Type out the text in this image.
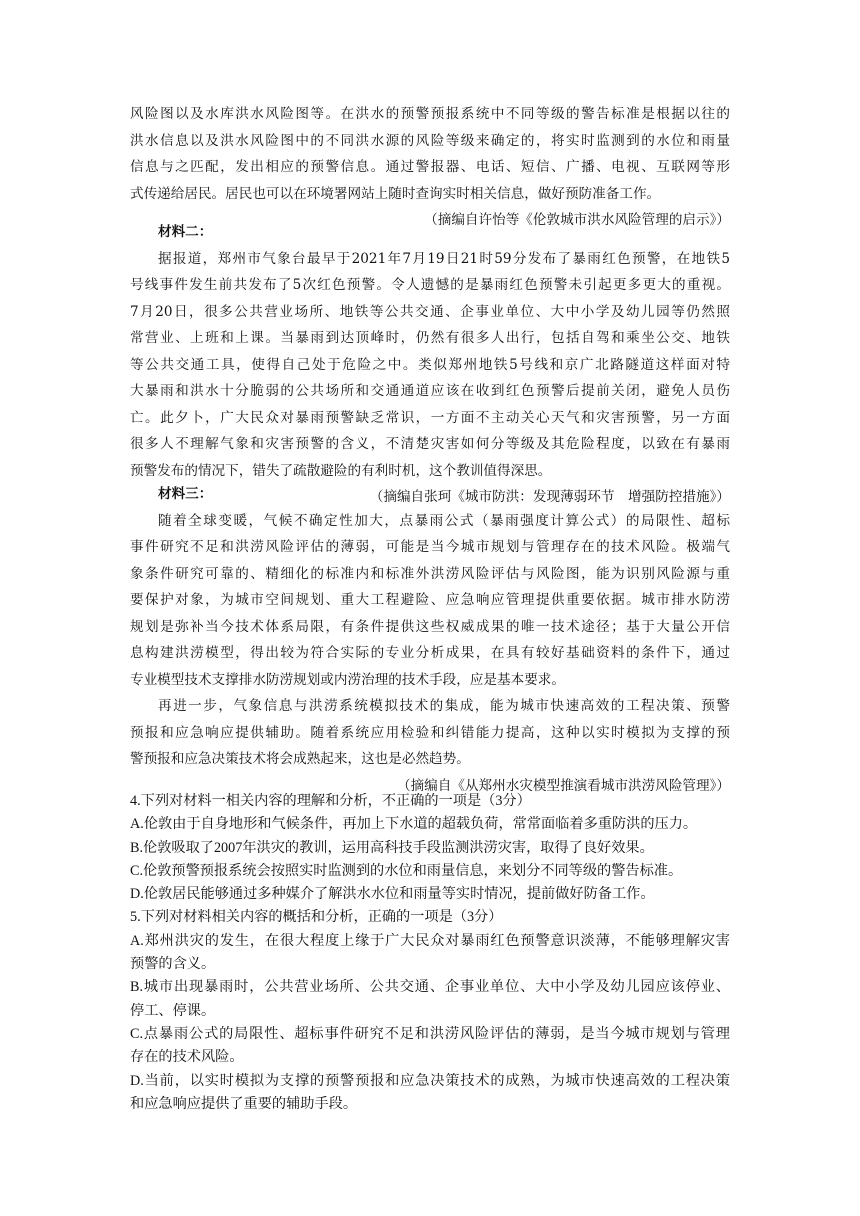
风险图以及水库洪水风险图等。在洪水的预警预报系统中不同等级的警告标准是根据以往的
洪水信息以及洪水风险图中的不同洪水源的风险等级来确定的，将实时监测到的水位和雨量
信息与之匹配，发出相应的预警信息。通过警报器、电话、短信、广播、电视、互联网等形
式传递给居民。居民也可以在环境署网站上随时查询实时相关信息，做好预防准备工作。
（摘编自许怡等《伦敦城市洪水风险管理的启示》）
材料二：
据报道，郑州市气象台最早于2021年7月19日21时59分发布了暴雨红色预警，在地铁5
号线事件发生前共发布了5次红色预警。令人遗憾的是暴雨红色预警未引起更多更大的重视。
7月20日，很多公共营业场所、地铁等公共交通、企事业单位、大中小学及幼儿园等仍然照
常营业、上班和上课。当暴雨到达顶峰时，仍然有很多人出行，包括自驾和乘坐公交、地铁
等公共交通工具，使得自己处于危险之中。类似郑州地铁5号线和京广北路隧道这样面对特
大暴雨和洪水十分脆弱的公共场所和交通通道应该在收到红色预警后提前关闭，避免人员伤
亡。此夕卜，广大民众对暴雨预警缺乏常识，一方面不主动关心天气和灾害预警，另一方面
很多人不理解气象和灾害预警的含义，不清楚灾害如何分等级及其危险程度，以致在有暴雨
预警发布的情况下，错失了疏散避险的有利时机，这个教训值得深思。
（摘编自张珂《城市防洪：发现薄弱环节　增强防控措施》）
材料三：
随着全球变暖，气候不确定性加大，点暴雨公式（暴雨强度计算公式）的局限性、超标
事件研究不足和洪涝风险评估的薄弱，可能是当今城市规划与管理存在的技术风险。极端气
象条件研究可靠的、精细化的标准内和标准外洪涝风险评估与风险图，能为识别风险源与重
要保护对象，为城市空间规划、重大工程避险、应急响应管理提供重要依据。城市排水防涝
规划是弥补当今技术体系局限，有条件提供这些权威成果的唯一技术途径；基于大量公开信
息构建洪涝模型，得出较为符合实际的专业分析成果，在具有较好基础资料的条件下，通过
专业模型技术支撑排水防涝规划或内涝治理的技术手段，应是基本要求。
再进一步，气象信息与洪涝系统模拟技术的集成，能为城市快速高效的工程决策、预警
预报和应急响应提供辅助。随着系统应用检验和纠错能力提高，这种以实时模拟为支撑的预
警预报和应急决策技术将会成熟起来，这也是必然趋势。
（摘编自《从郑州水灾模型推演看城市洪涝风险管理》）
4.下列对材料一相关内容的理解和分析，不正确的一项是（3分）
A.伦敦由于自身地形和气候条件，再加上下水道的超载负荷，常常面临着多重防洪的压力。
B.伦敦吸取了2007年洪灾的教训，运用高科技手段监测洪涝灾害，取得了良好效果。
C.伦敦预警预报系统会按照实时监测到的水位和雨量信息，来划分不同等级的警告标准。
D.伦敦居民能够通过多种媒介了解洪水水位和雨量等实时情况，提前做好防备工作。
5.下列对材料相关内容的概括和分析，正确的一项是（3分）
A.郑州洪灾的发生，在很大程度上缘于广大民众对暴雨红色预警意识淡薄，不能够理解灾害
预警的含义。
B.城市出现暴雨时，公共营业场所、公共交通、企事业单位、大中小学及幼儿园应该停业、
停工、停课。
C.点暴雨公式的局限性、超标事件研究不足和洪涝风险评估的薄弱，是当今城市规划与管理
存在的技术风险。
D.当前，以实时模拟为支撑的预警预报和应急决策技术的成熟，为城市快速高效的工程决策
和应急响应提供了重要的辅助手段。
